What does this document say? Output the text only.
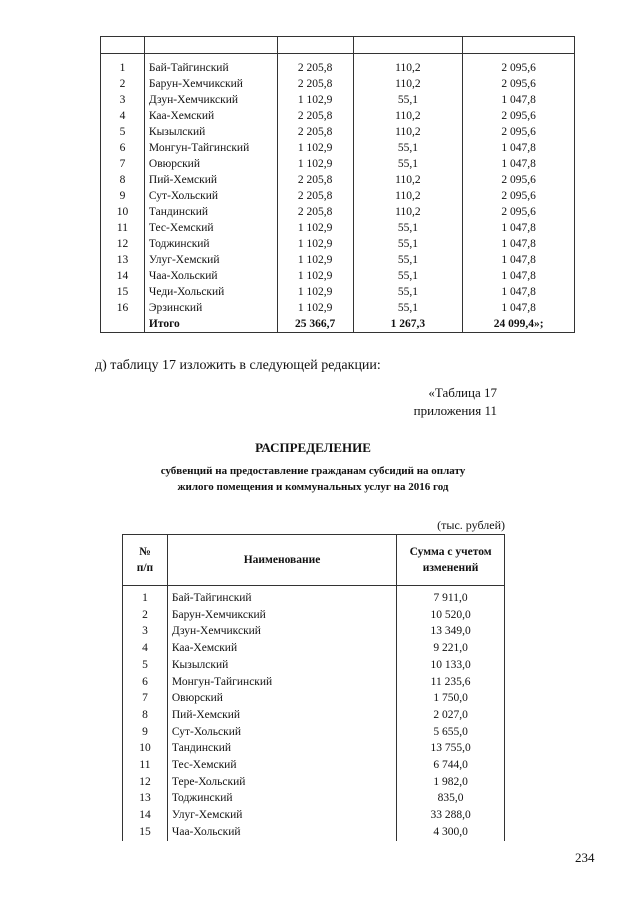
1	Бай-Тайгинский	2 205,8	110,2	2 095,6
2	Барун-Хемчикский	2 205,8	110,2	2 095,6
3	Дзун-Хемчикский	1 102,9	55,1	1 047,8
4	Каа-Хемский	2 205,8	110,2	2 095,6
5	Кызылский	2 205,8	110,2	2 095,6
6	Монгун-Тайгинский	1 102,9	55,1	1 047,8
7	Овюрский	1 102,9	55,1	1 047,8
8	Пий-Хемский	2 205,8	110,2	2 095,6
9	Сут-Хольский	2 205,8	110,2	2 095,6
10	Тандинский	2 205,8	110,2	2 095,6
11	Тес-Хемский	1 102,9	55,1	1 047,8
12	Тоджинский	1 102,9	55,1	1 047,8
13	Улуг-Хемский	1 102,9	55,1	1 047,8
14	Чаа-Хольский	1 102,9	55,1	1 047,8
15	Чеди-Хольский	1 102,9	55,1	1 047,8
16	Эрзинский	1 102,9	55,1	1 047,8
	Итого	25 366,7	1 267,3	24 099,4»;
д) таблицу 17 изложить в следующей редакции:
«Таблица 17
приложения 11
РАСПРЕДЕЛЕНИЕ
субвенций на предоставление гражданам субсидий на оплату
жилого помещения и коммунальных услуг на 2016 год
(тыс. рублей)
№
п/п	Наименование	Сумма с учетом
изменений

1	Бай-Тайгинский	7 911,0
2	Барун-Хемчикский	10 520,0
3	Дзун-Хемчикский	13 349,0
4	Каа-Хемский	9 221,0
5	Кызылский	10 133,0
6	Монгун-Тайгинский	11 235,6
7	Овюрский	1 750,0
8	Пий-Хемский	2 027,0
9	Сут-Хольский	5 655,0
10	Тандинский	13 755,0
11	Тес-Хемский	6 744,0
12	Тере-Хольский	1 982,0
13	Тоджинский	835,0
14	Улуг-Хемский	33 288,0
15	Чаа-Хольский	4 300,0
234
